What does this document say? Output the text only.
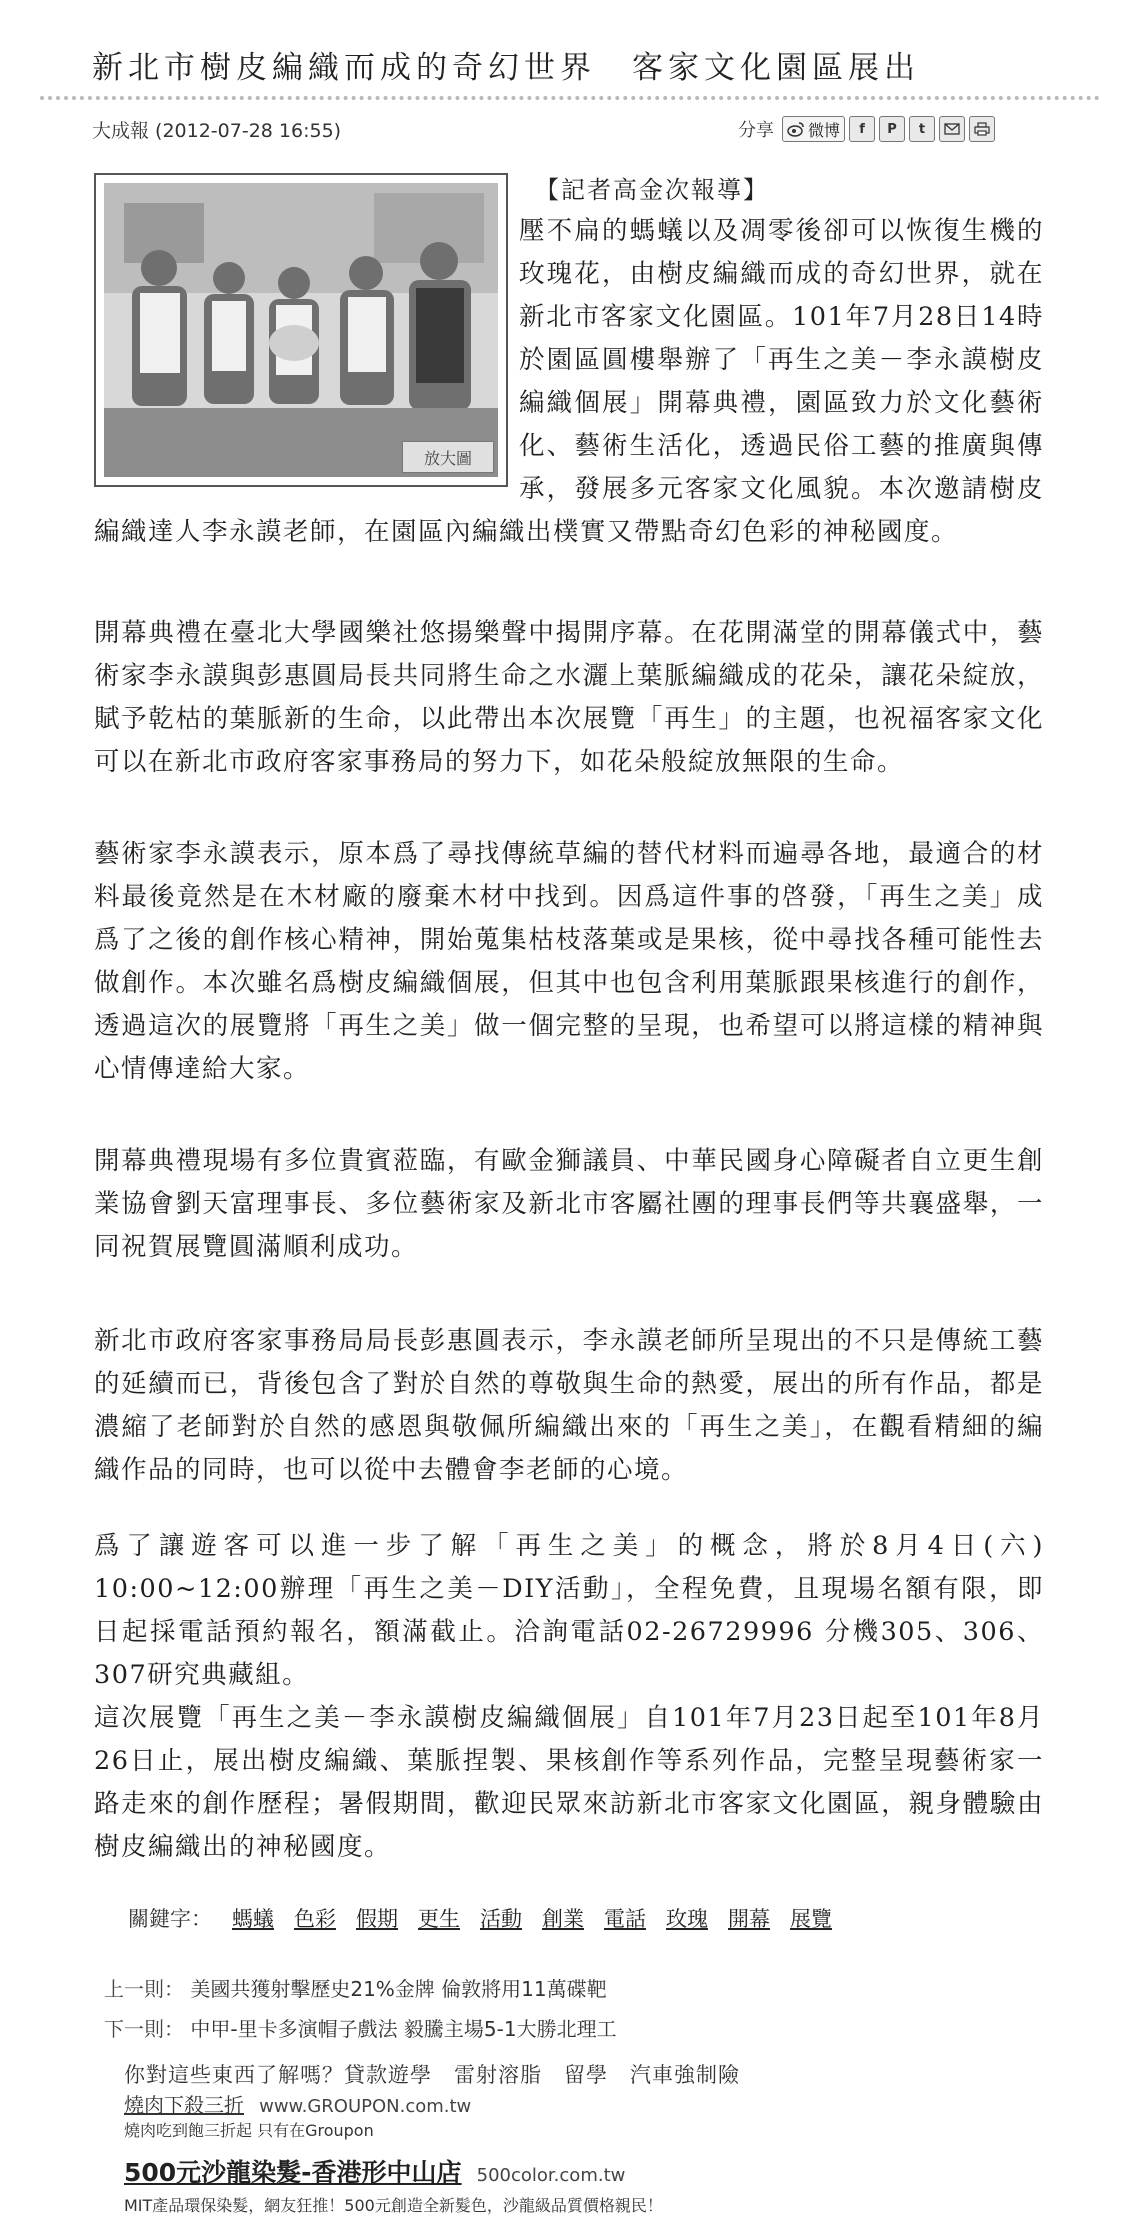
新北市樹皮編織而成的奇幻世界　客家文化園區展出
大成報 (2012-07-28 16:55)	分享 微博	f	P	t
放大圖
【記者高金次報導】

壓不扁的螞蟻以及凋零後卻可以恢復生機的玫瑰花，由樹皮編織而成的奇幻世界，就在新北市客家文化園區。101年7月28日14時於園區圓樓舉辦了「再生之美－李永謨樹皮編織個展」開幕典禮，園區致力於文化藝術化、藝術生活化，透過民俗工藝的推廣與傳承，發展多元客家文化風貌。本次邀請樹皮編織達人李永謨老師，在園區內編織出樸實又帶點奇幻色彩的神秘國度。

開幕典禮在臺北大學國樂社悠揚樂聲中揭開序幕。在花開滿堂的開幕儀式中，藝術家李永謨與彭惠圓局長共同將生命之水灑上葉脈編織成的花朵，讓花朵綻放，賦予乾枯的葉脈新的生命，以此帶出本次展覽「再生」的主題，也祝福客家文化可以在新北市政府客家事務局的努力下，如花朵般綻放無限的生命。

藝術家李永謨表示，原本爲了尋找傳統草編的替代材料而遍尋各地，最適合的材料最後竟然是在木材廠的廢棄木材中找到。因爲這件事的啓發，「再生之美」成爲了之後的創作核心精神，開始蒐集枯枝落葉或是果核，從中尋找各種可能性去做創作。本次雖名爲樹皮編織個展，但其中也包含利用葉脈跟果核進行的創作，透過這次的展覽將「再生之美」做一個完整的呈現，也希望可以將這樣的精神與心情傳達給大家。

開幕典禮現場有多位貴賓蒞臨，有歐金獅議員、中華民國身心障礙者自立更生創業協會劉天富理事長、多位藝術家及新北市客屬社團的理事長們等共襄盛舉，一同祝賀展覽圓滿順利成功。

新北市政府客家事務局局長彭惠圓表示，李永謨老師所呈現出的不只是傳統工藝的延續而已，背後包含了對於自然的尊敬與生命的熱愛，展出的所有作品，都是濃縮了老師對於自然的感恩與敬佩所編織出來的「再生之美」，在觀看精細的編織作品的同時，也可以從中去體會李老師的心境。

爲了讓遊客可以進一步了解「再生之美」的概念，將於8月4日(六) 10:00~12:00辦理「再生之美－DIY活動」，全程免費，且現場名額有限，即日起採電話預約報名，額滿截止。洽詢電話02-26729996 分機305、306、307研究典藏組。

這次展覽「再生之美－李永謨樹皮編織個展」自101年7月23日起至101年8月26日止，展出樹皮編織、葉脈捏製、果核創作等系列作品，完整呈現藝術家一路走來的創作歷程；暑假期間，歡迎民眾來訪新北市客家文化園區，親身體驗由樹皮編織出的神秘國度。

關鍵字： 螞蟻 色彩 假期 更生 活動 創業 電話 玫瑰 開幕 展覽
上一則： 美國共獲射擊歷史21%金牌 倫敦將用11萬碟靶
下一則： 中甲-里卡多演帽子戲法 毅騰主場5-1大勝北理工
你對這些東西了解嗎？貸款遊學　雷射溶脂　留學　汽車強制險
燒肉下殺三折 www.GROUPON.com.tw
燒肉吃到飽三折起 只有在Groupon
500元沙龍染髮-香港形中山店 500color.com.tw
MIT產品環保染髮，網友狂推！500元創造全新髮色，沙龍級品質價格親民！
